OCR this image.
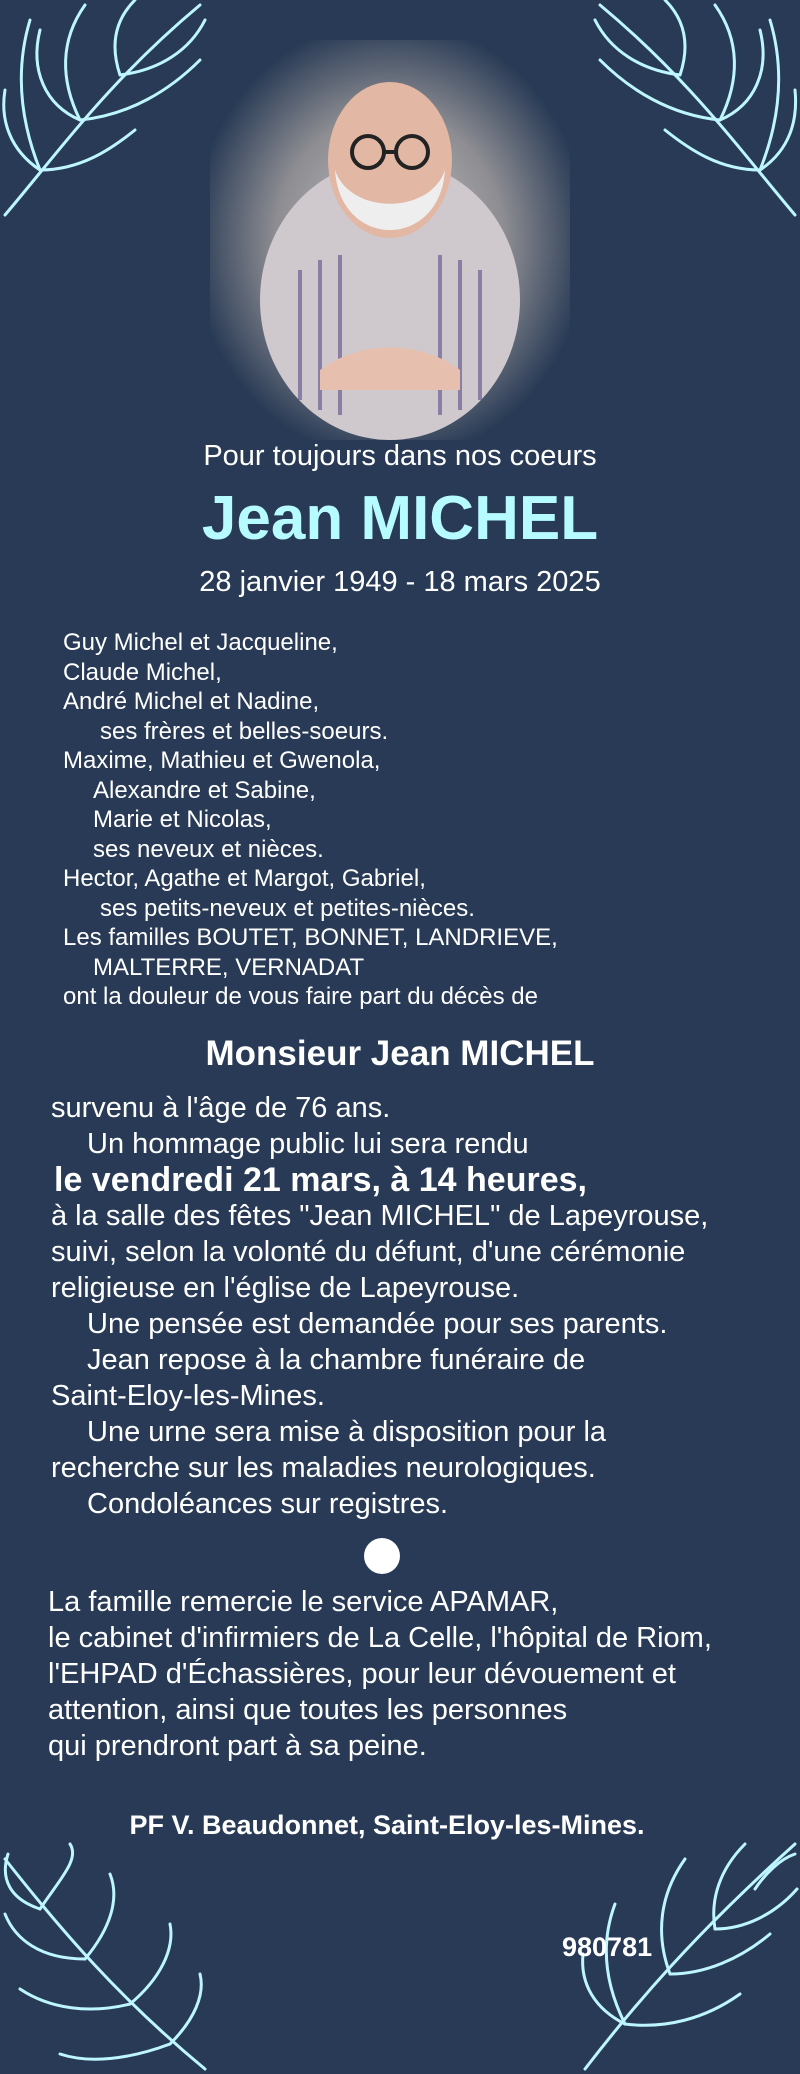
Pour toujours dans nos coeurs
Jean MICHEL
28 janvier 1949 - 18 mars 2025
Guy Michel et Jacqueline,
Claude Michel,
André Michel et Nadine,
ses frères et belles-soeurs.
Maxime, Mathieu et Gwenola,
Alexandre et Sabine,
Marie et Nicolas,
ses neveux et nièces.
Hector, Agathe et Margot, Gabriel,
ses petits-neveux et petites-nièces.
Les familles BOUTET, BONNET, LANDRIEVE,
MALTERRE, VERNADAT
ont la douleur de vous faire part du décès de
Monsieur Jean MICHEL
survenu à l'âge de 76 ans.
Un hommage public lui sera rendu
le vendredi 21 mars, à 14 heures,
à la salle des fêtes "Jean MICHEL" de Lapeyrouse,
suivi, selon la volonté du défunt, d'une cérémonie
religieuse en l'église de Lapeyrouse.
Une pensée est demandée pour ses parents.
Jean repose à la chambre funéraire de
Saint-Eloy-les-Mines.
Une urne sera mise à disposition pour la
recherche sur les maladies neurologiques.
Condoléances sur registres.
La famille remercie le service APAMAR,
le cabinet d'infirmiers de La Celle, l'hôpital de Riom,
l'EHPAD d'Échassières, pour leur dévouement et
attention, ainsi que toutes les personnes
qui prendront part à sa peine.
PF V. Beaudonnet, Saint-Eloy-les-Mines.
980781
